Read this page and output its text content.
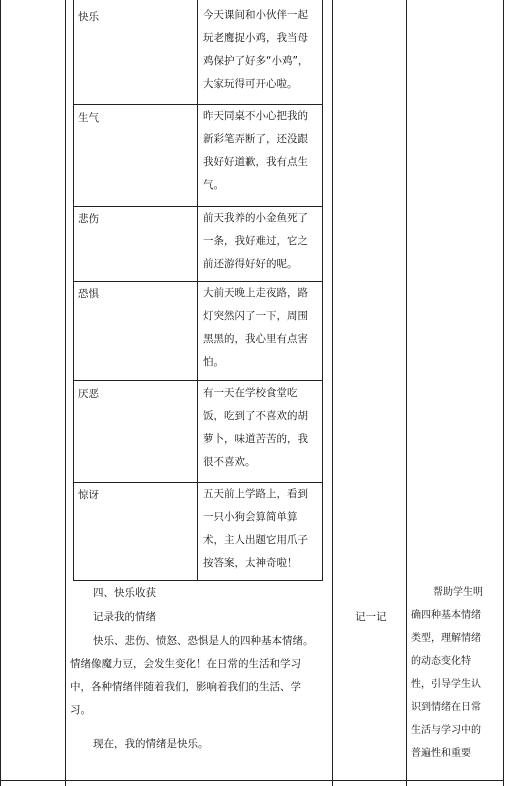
快乐	今天课间和小伙伴一起
玩老鹰捉小鸡，我当母
鸡保护了好多“小鸡”，
大家玩得可开心啦。
生气	昨天同桌不小心把我的
新彩笔弄断了，还没跟
我好好道歉，我有点生
气。
悲伤	前天我养的小金鱼死了
一条，我好难过，它之
前还游得好好的呢。
恐惧	大前天晚上走夜路，路
灯突然闪了一下，周围
黑黑的，我心里有点害
怕。
厌恶	有一天在学校食堂吃
饭，吃到了不喜欢的胡
萝卜，味道苦苦的，我
很不喜欢。
惊讶	五天前上学路上，看到
一只小狗会算简单算
术，主人出题它用爪子
按答案，太神奇啦！
四、快乐收获
记录我的情绪
快乐、悲伤、愤怒、恐惧是人的四种基本情绪。
情绪像魔力豆，会发生变化！在日常的生活和学习
中，各种情绪伴随着我们，影响着我们的生活、学
习。
现在，我的情绪是快乐。
记一记
帮助学生明
确四种基本情绪
类型，理解情绪
的动态变化特
性，引导学生认
识到情绪在日常
生活与学习中的
普遍性和重要
